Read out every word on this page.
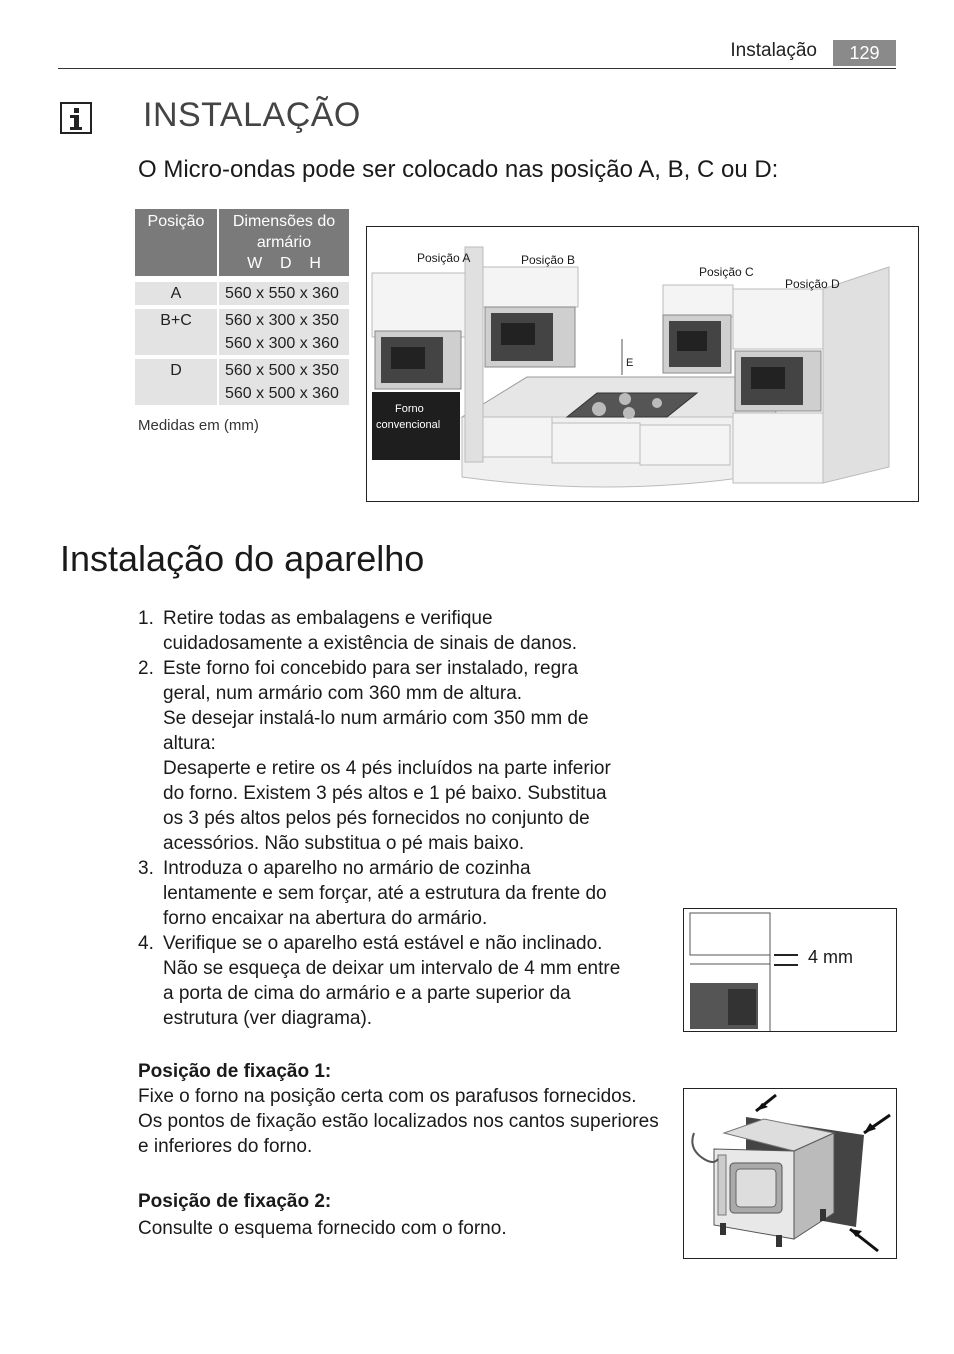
Instalação	129
INSTALAÇÃO
O Micro-ondas pode ser colocado nas posição A, B, C ou D:
Posição	Dimensões do
armário
W D H

A	560 x 550 x 360

B+C	560 x 300 x 350
560 x 300 x 360

D	560 x 500 x 350
560 x 500 x 360
Medidas em (mm)
Posição A	Posição B
Posição C
Posição D
E
Forno
convencional
Instalação do aparelho
1. Retire todas as embalagens e verifique
cuidadosamente a existência de sinais de danos.
2. Este forno foi concebido para ser instalado, regra
geral, num armário com 360 mm de altura.
Se desejar instalá-lo num armário com 350 mm de
altura:
Desaperte e retire os 4 pés incluídos na parte inferior
do forno. Existem 3 pés altos e 1 pé baixo. Substitua
os 3 pés altos pelos pés fornecidos no conjunto de
acessórios. Não substitua o pé mais baixo.
3. Introduza o aparelho no armário de cozinha
lentamente e sem forçar, até a estrutura da frente do
forno encaixar na abertura do armário.
4. Verifique se o aparelho está estável e não inclinado.
Não se esqueça de deixar um intervalo de 4 mm entre
a porta de cima do armário e a parte superior da
estrutura (ver diagrama).
Posição de fixação 1:
Fixe o forno na posição certa com os parafusos fornecidos.
Os pontos de fixação estão localizados nos cantos superiores
e inferiores do forno.
Posição de fixação 2:
Consulte o esquema fornecido com o forno.
4 mm
